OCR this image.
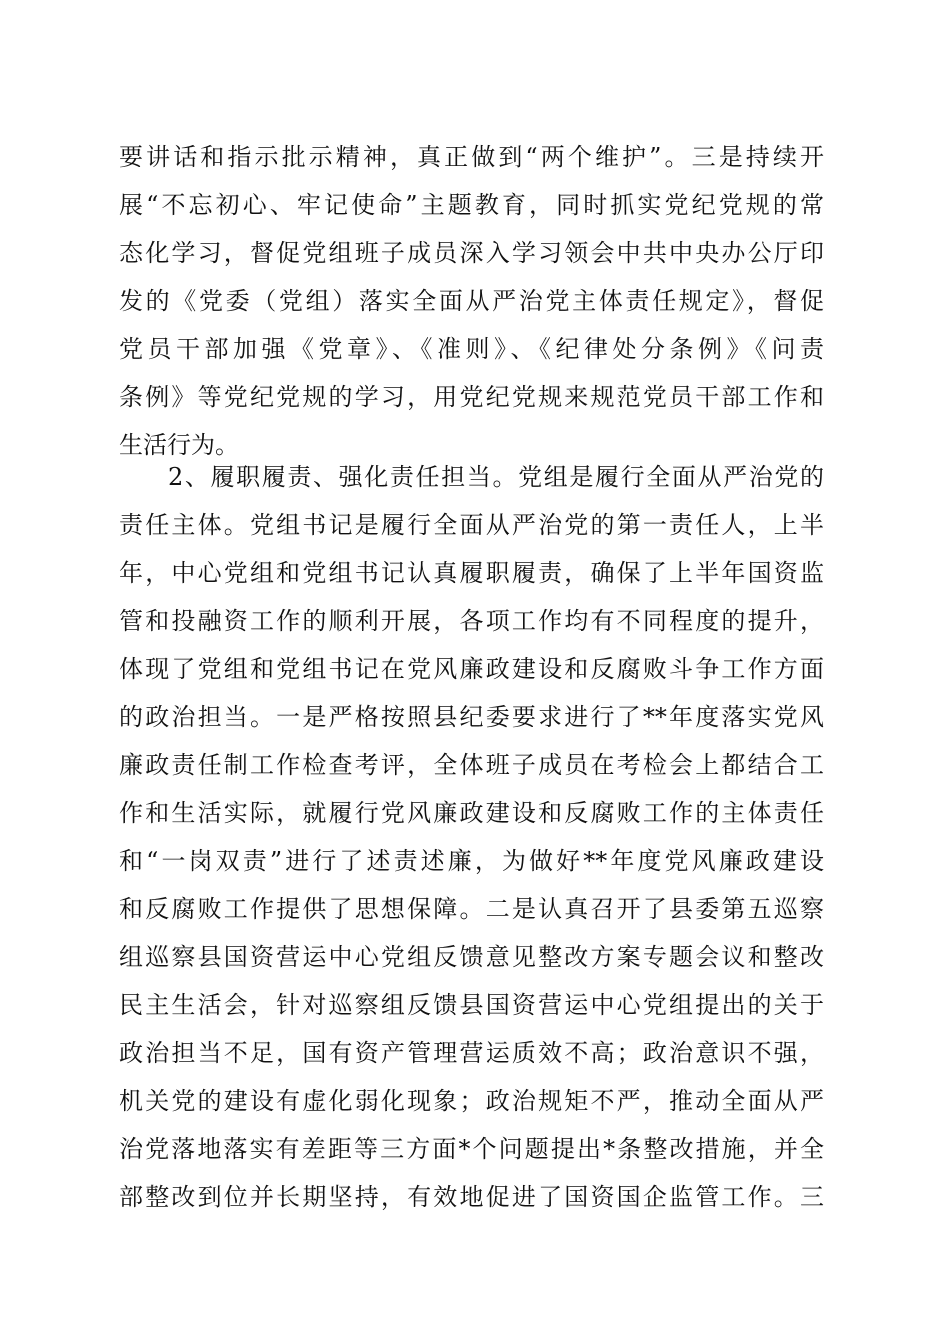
要讲话和指示批示精神，真正做到“两个维护”。三是持续开
展“不忘初心、牢记使命”主题教育，同时抓实党纪党规的常
态化学习，督促党组班子成员深入学习领会中共中央办公厅印
发的《党委（党组）落实全面从严治党主体责任规定》，督促
党员干部加强《党章》、《准则》、《纪律处分条例》《问责
条例》等党纪党规的学习，用党纪党规来规范党员干部工作和
生活行为。
2、履职履责、强化责任担当。党组是履行全面从严治党的
责任主体。党组书记是履行全面从严治党的第一责任人，上半
年，中心党组和党组书记认真履职履责，确保了上半年国资监
管和投融资工作的顺利开展，各项工作均有不同程度的提升，
体现了党组和党组书记在党风廉政建设和反腐败斗争工作方面
的政治担当。一是严格按照县纪委要求进行了**年度落实党风
廉政责任制工作检查考评，全体班子成员在考检会上都结合工
作和生活实际，就履行党风廉政建设和反腐败工作的主体责任
和“一岗双责”进行了述责述廉，为做好**年度党风廉政建设
和反腐败工作提供了思想保障。二是认真召开了县委第五巡察
组巡察县国资营运中心党组反馈意见整改方案专题会议和整改
民主生活会，针对巡察组反馈县国资营运中心党组提出的关于
政治担当不足，国有资产管理营运质效不高；政治意识不强，
机关党的建设有虚化弱化现象；政治规矩不严，推动全面从严
治党落地落实有差距等三方面*个问题提出*条整改措施，并全
部整改到位并长期坚持，有效地促进了国资国企监管工作。三
